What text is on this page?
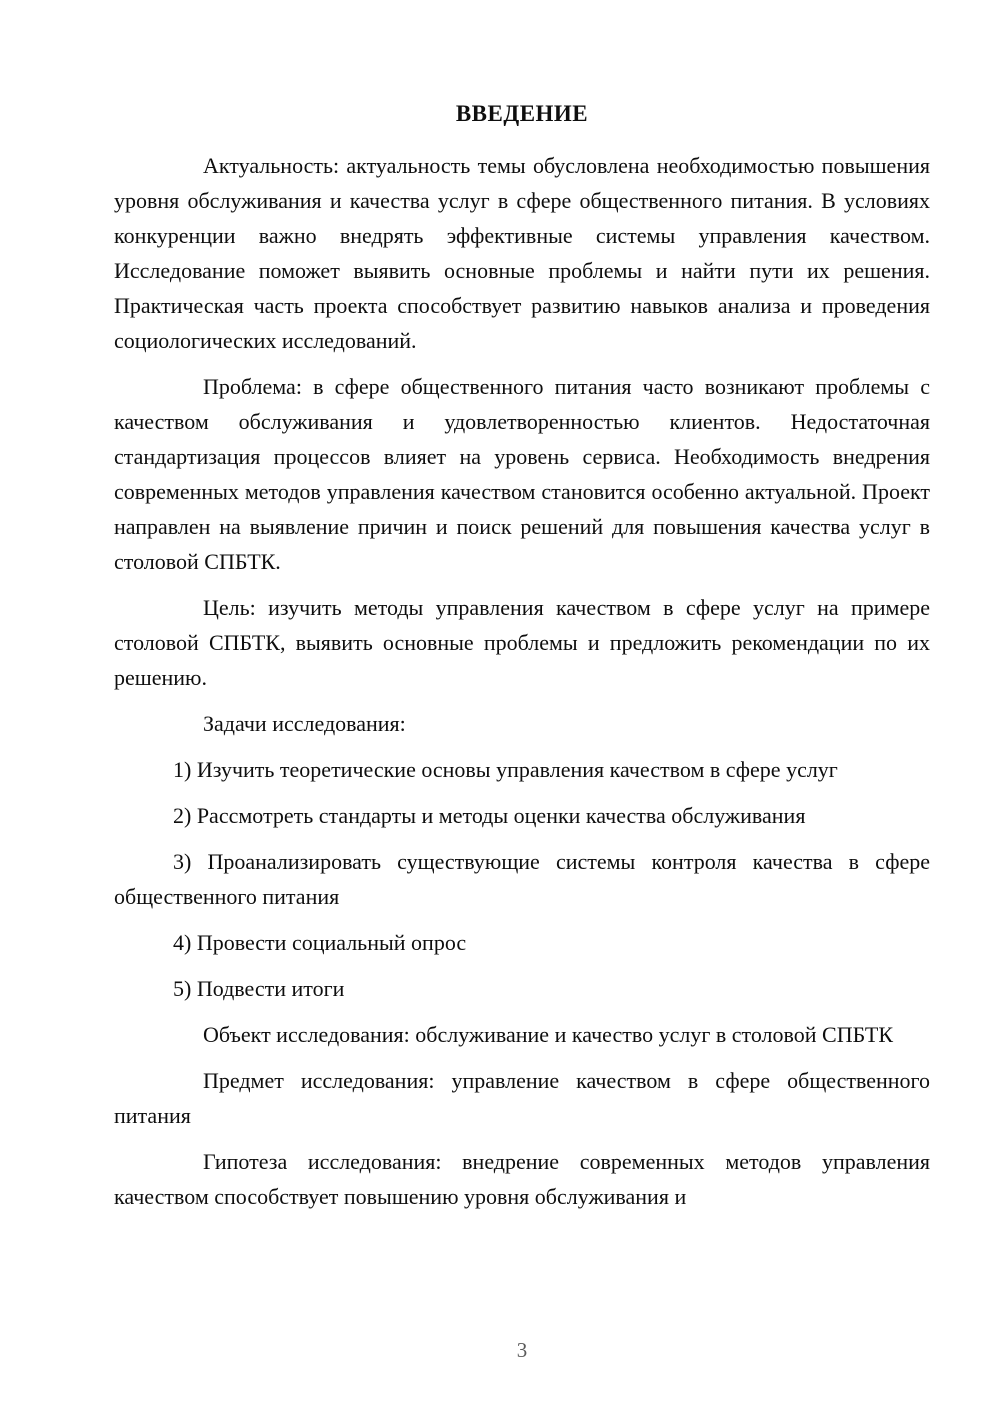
ВВЕДЕНИЕ

Актуальность: актуальность темы обусловлена необходимостью повышения уровня обслуживания и качества услуг в сфере общественного питания. В условиях конкуренции важно внедрять эффективные системы управления качеством. Исследование поможет выявить основные проблемы и найти пути их решения. Практическая часть проекта способствует развитию навыков анализа и проведения социологических исследований.

Проблема: в сфере общественного питания часто возникают проблемы с качеством обслуживания и удовлетворенностью клиентов. Недостаточная стандартизация процессов влияет на уровень сервиса. Необходимость внедрения современных методов управления качеством становится особенно актуальной. Проект направлен на выявление причин и поиск решений для повышения качества услуг в столовой СПБТК.

Цель: изучить методы управления качеством в сфере услуг на примере столовой СПБТК, выявить основные проблемы и предложить рекомендации по их решению.

Задачи исследования:

1) Изучить теоретические основы управления качеством в сфере услуг

2) Рассмотреть стандарты и методы оценки качества обслуживания

3) Проанализировать существующие системы контроля качества в сфере общественного питания

4) Провести социальный опрос

5) Подвести итоги

Объект исследования: обслуживание и качество услуг в столовой СПБТК

Предмет исследования: управление качеством в сфере общественного питания

Гипотеза исследования: внедрение современных методов управления качеством способствует повышению уровня обслуживания и

3
